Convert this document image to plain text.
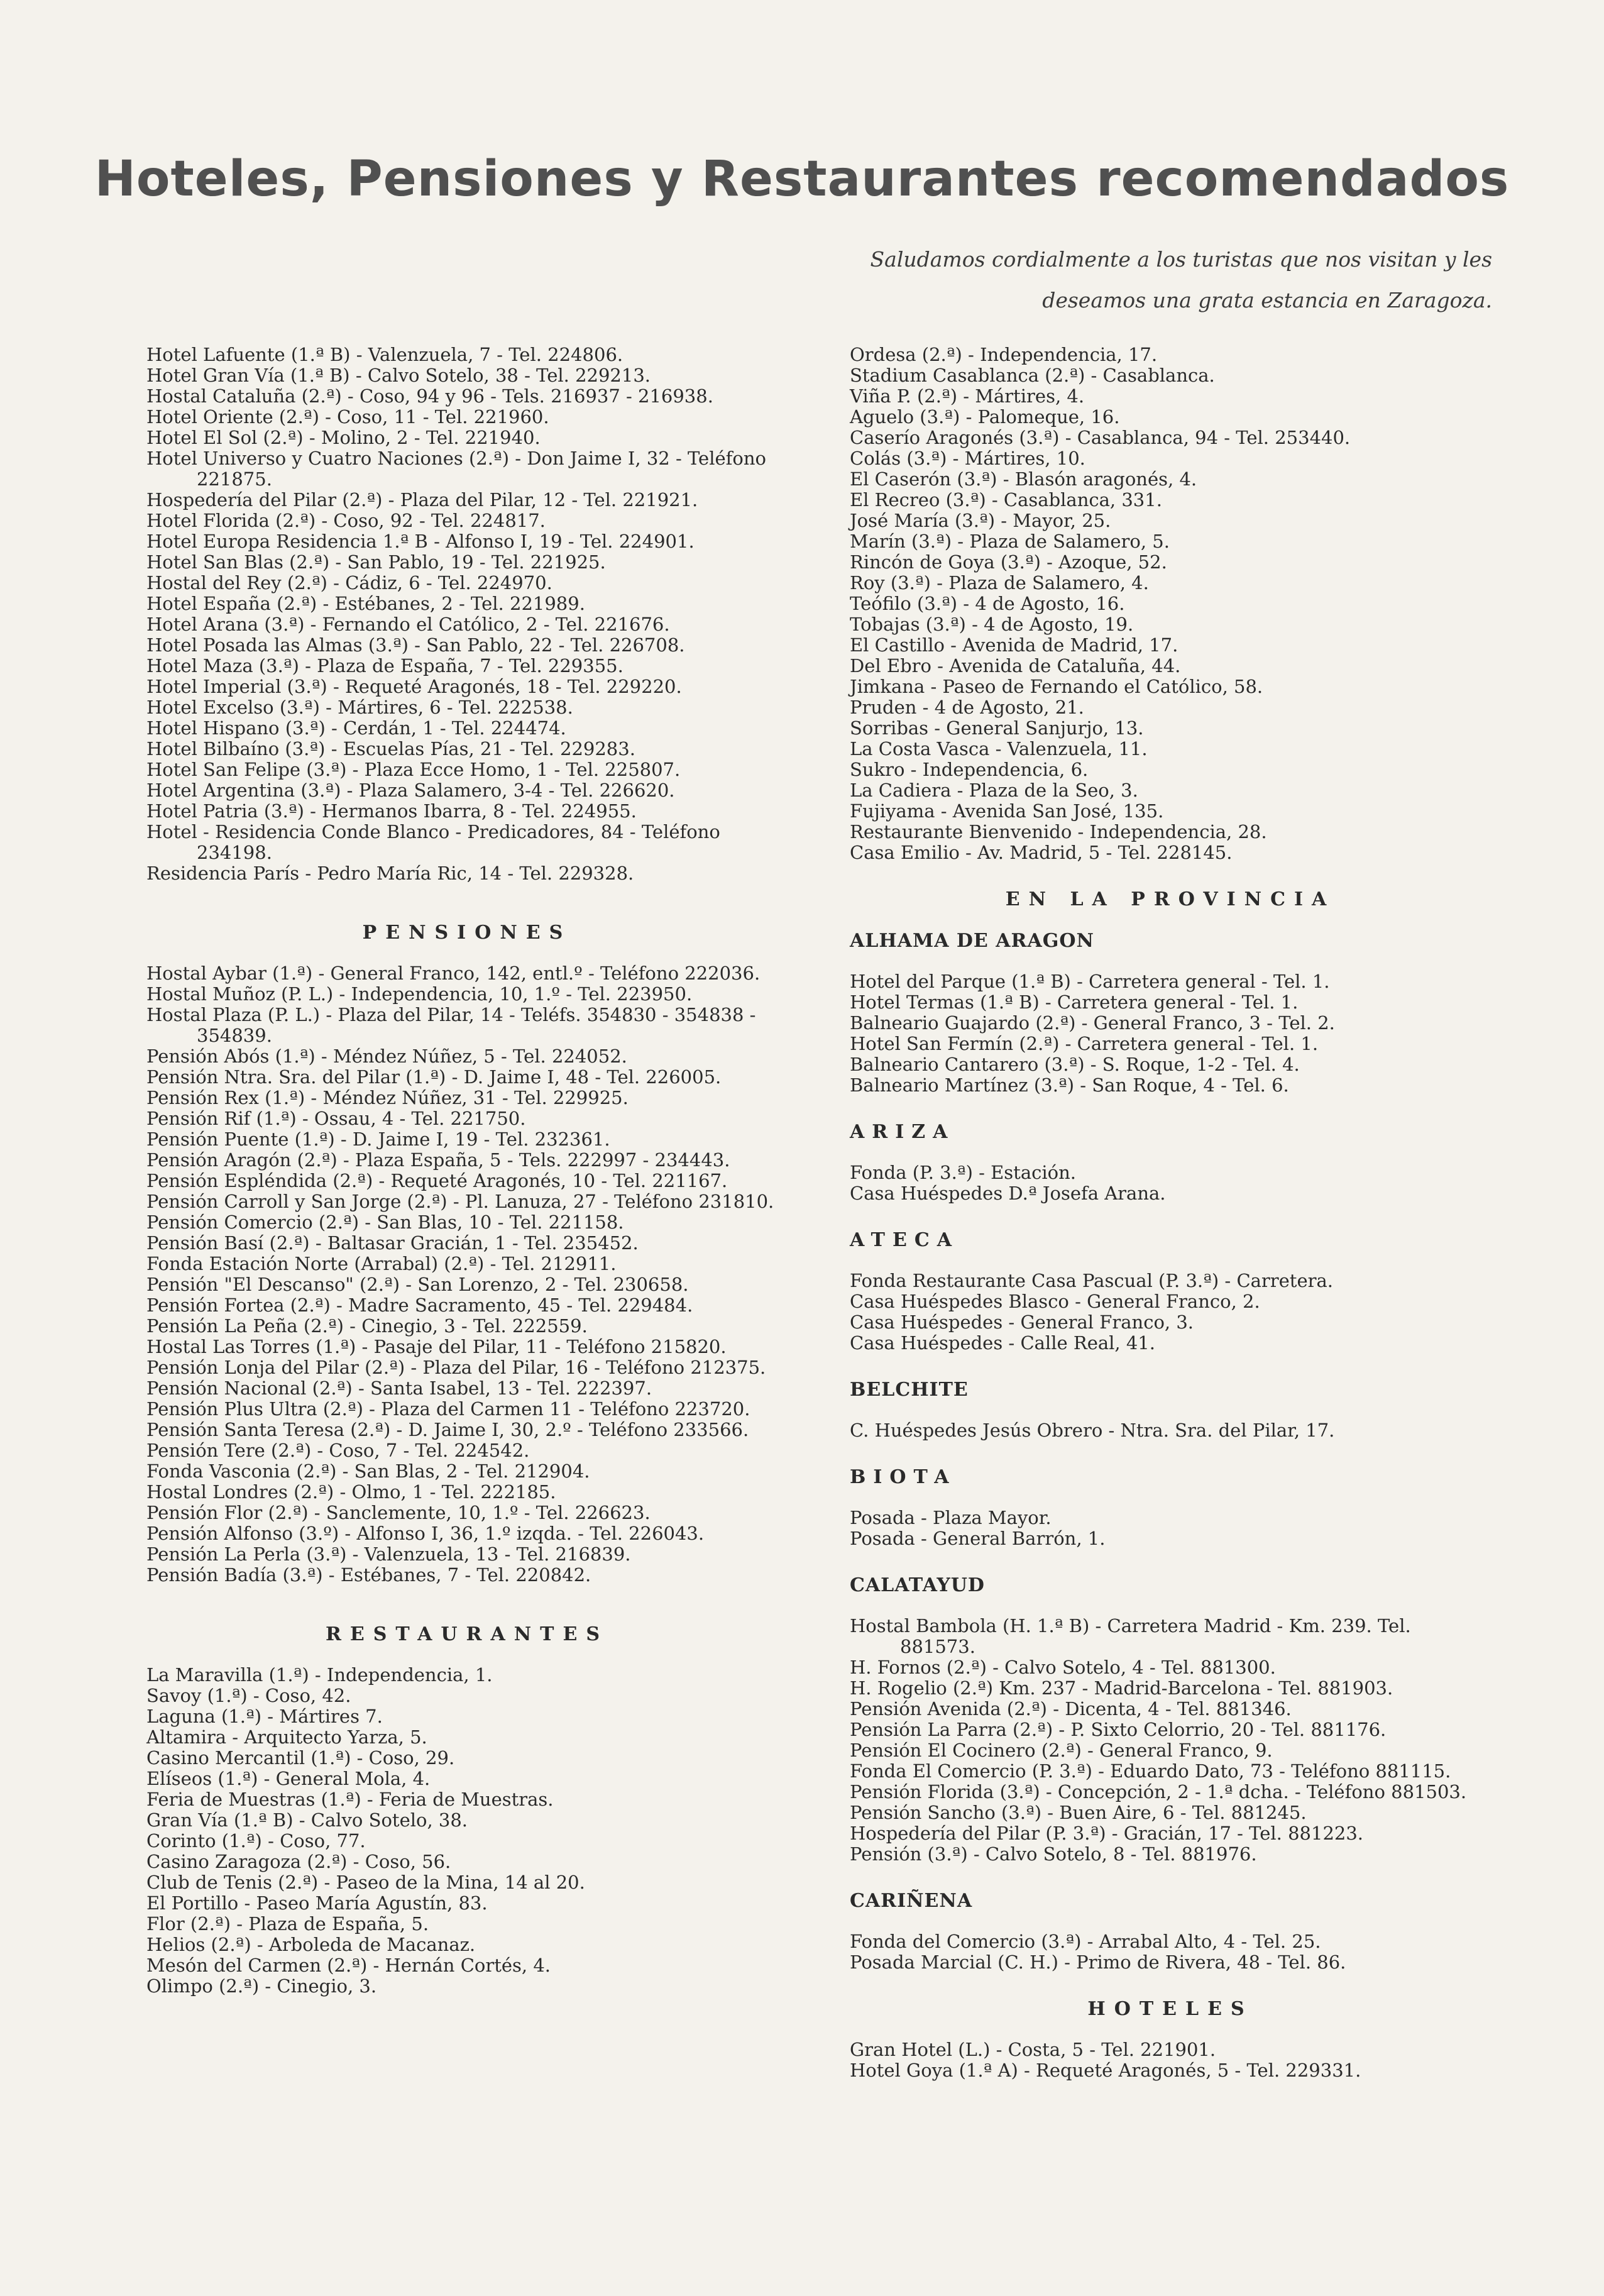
Hoteles, Pensiones y Restaurantes recomendados
Saludamos cordialmente a los turistas que nos visitan y les
deseamos una grata estancia en Zaragoza.
Hotel Lafuente (1.ª B) - Valenzuela, 7 - Tel. 224806.
Hotel Gran Vía (1.ª B) - Calvo Sotelo, 38 - Tel. 229213.
Hostal Cataluña (2.ª) - Coso, 94 y 96 - Tels. 216937 - 216938.
Hotel Oriente (2.ª) - Coso, 11 - Tel. 221960.
Hotel El Sol (2.ª) - Molino, 2 - Tel. 221940.
Hotel Universo y Cuatro Naciones (2.ª) - Don Jaime I, 32 - Teléfono 221875.
Hospedería del Pilar (2.ª) - Plaza del Pilar, 12 - Tel. 221921.
Hotel Florida (2.ª) - Coso, 92 - Tel. 224817.
Hotel Europa Residencia 1.ª B - Alfonso I, 19 - Tel. 224901.
Hotel San Blas (2.ª) - San Pablo, 19 - Tel. 221925.
Hostal del Rey (2.ª) - Cádiz, 6 - Tel. 224970.
Hotel España (2.ª) - Estébanes, 2 - Tel. 221989.
Hotel Arana (3.ª) - Fernando el Católico, 2 - Tel. 221676.
Hotel Posada las Almas (3.ª) - San Pablo, 22 - Tel. 226708.
Hotel Maza (3.ª) - Plaza de España, 7 - Tel. 229355.
Hotel Imperial (3.ª) - Requeté Aragonés, 18 - Tel. 229220.
Hotel Excelso (3.ª) - Mártires, 6 - Tel. 222538.
Hotel Hispano (3.ª) - Cerdán, 1 - Tel. 224474.
Hotel Bilbaíno (3.ª) - Escuelas Pías, 21 - Tel. 229283.
Hotel San Felipe (3.ª) - Plaza Ecce Homo, 1 - Tel. 225807.
Hotel Argentina (3.ª) - Plaza Salamero, 3-4 - Tel. 226620.
Hotel Patria (3.ª) - Hermanos Ibarra, 8 - Tel. 224955.
Hotel - Residencia Conde Blanco - Predicadores, 84 - Teléfono 234198.
Residencia París - Pedro María Ric, 14 - Tel. 229328.
PENSIONES
Hostal Aybar (1.ª) - General Franco, 142, entl.º - Teléfono 222036.
Hostal Muñoz (P. L.) - Independencia, 10, 1.º - Tel. 223950.
Hostal Plaza (P. L.) - Plaza del Pilar, 14 - Teléfs. 354830 - 354838 - 354839.
Pensión Abós (1.ª) - Méndez Núñez, 5 - Tel. 224052.
Pensión Ntra. Sra. del Pilar (1.ª) - D. Jaime I, 48 - Tel. 226005.
Pensión Rex (1.ª) - Méndez Núñez, 31 - Tel. 229925.
Pensión Rif (1.ª) - Ossau, 4 - Tel. 221750.
Pensión Puente (1.ª) - D. Jaime I, 19 - Tel. 232361.
Pensión Aragón (2.ª) - Plaza España, 5 - Tels. 222997 - 234443.
Pensión Espléndida (2.ª) - Requeté Aragonés, 10 - Tel. 221167.
Pensión Carroll y San Jorge (2.ª) - Pl. Lanuza, 27 - Teléfono 231810.
Pensión Comercio (2.ª) - San Blas, 10 - Tel. 221158.
Pensión Basí (2.ª) - Baltasar Gracián, 1 - Tel. 235452.
Fonda Estación Norte (Arrabal) (2.ª) - Tel. 212911.
Pensión "El Descanso" (2.ª) - San Lorenzo, 2 - Tel. 230658.
Pensión Fortea (2.ª) - Madre Sacramento, 45 - Tel. 229484.
Pensión La Peña (2.ª) - Cinegio, 3 - Tel. 222559.
Hostal Las Torres (1.ª) - Pasaje del Pilar, 11 - Teléfono 215820.
Pensión Lonja del Pilar (2.ª) - Plaza del Pilar, 16 - Teléfono 212375.
Pensión Nacional (2.ª) - Santa Isabel, 13 - Tel. 222397.
Pensión Plus Ultra (2.ª) - Plaza del Carmen 11 - Teléfono 223720.
Pensión Santa Teresa (2.ª) - D. Jaime I, 30, 2.º - Teléfono 233566.
Pensión Tere (2.ª) - Coso, 7 - Tel. 224542.
Fonda Vasconia (2.ª) - San Blas, 2 - Tel. 212904.
Hostal Londres (2.ª) - Olmo, 1 - Tel. 222185.
Pensión Flor (2.ª) - Sanclemente, 10, 1.º - Tel. 226623.
Pensión Alfonso (3.º) - Alfonso I, 36, 1.º izqda. - Tel. 226043.
Pensión La Perla (3.ª) - Valenzuela, 13 - Tel. 216839.
Pensión Badía (3.ª) - Estébanes, 7 - Tel. 220842.
RESTAURANTES
La Maravilla (1.ª) - Independencia, 1.
Savoy (1.ª) - Coso, 42.
Laguna (1.ª) - Mártires 7.
Altamira - Arquitecto Yarza, 5.
Casino Mercantil (1.ª) - Coso, 29.
Elíseos (1.ª) - General Mola, 4.
Feria de Muestras (1.ª) - Feria de Muestras.
Gran Vía (1.ª B) - Calvo Sotelo, 38.
Corinto (1.ª) - Coso, 77.
Casino Zaragoza (2.ª) - Coso, 56.
Club de Tenis (2.ª) - Paseo de la Mina, 14 al 20.
El Portillo - Paseo María Agustín, 83.
Flor (2.ª) - Plaza de España, 5.
Helios (2.ª) - Arboleda de Macanaz.
Mesón del Carmen (2.ª) - Hernán Cortés, 4.
Olimpo (2.ª) - Cinegio, 3.
Ordesa (2.ª) - Independencia, 17.
Stadium Casablanca (2.ª) - Casablanca.
Viña P. (2.ª) - Mártires, 4.
Aguelo (3.ª) - Palomeque, 16.
Caserío Aragonés (3.ª) - Casablanca, 94 - Tel. 253440.
Colás (3.ª) - Mártires, 10.
El Caserón (3.ª) - Blasón aragonés, 4.
El Recreo (3.ª) - Casablanca, 331.
José María (3.ª) - Mayor, 25.
Marín (3.ª) - Plaza de Salamero, 5.
Rincón de Goya (3.ª) - Azoque, 52.
Roy (3.ª) - Plaza de Salamero, 4.
Teófilo (3.ª) - 4 de Agosto, 16.
Tobajas (3.ª) - 4 de Agosto, 19.
El Castillo - Avenida de Madrid, 17.
Del Ebro - Avenida de Cataluña, 44.
Jimkana - Paseo de Fernando el Católico, 58.
Pruden - 4 de Agosto, 21.
Sorribas - General Sanjurjo, 13.
La Costa Vasca - Valenzuela, 11.
Sukro - Independencia, 6.
La Cadiera - Plaza de la Seo, 3.
Fujiyama - Avenida San José, 135.
Restaurante Bienvenido - Independencia, 28.
Casa Emilio - Av. Madrid, 5 - Tel. 228145.
EN LA PROVINCIA
ALHAMA DE ARAGON
Hotel del Parque (1.ª B) - Carretera general - Tel. 1.
Hotel Termas (1.ª B) - Carretera general - Tel. 1.
Balneario Guajardo (2.ª) - General Franco, 3 - Tel. 2.
Hotel San Fermín (2.ª) - Carretera general - Tel. 1.
Balneario Cantarero (3.ª) - S. Roque, 1-2 - Tel. 4.
Balneario Martínez (3.ª) - San Roque, 4 - Tel. 6.
ARIZA
Fonda (P. 3.ª) - Estación.
Casa Huéspedes D.ª Josefa Arana.
ATECA
Fonda Restaurante Casa Pascual (P. 3.ª) - Carretera.
Casa Huéspedes Blasco - General Franco, 2.
Casa Huéspedes - General Franco, 3.
Casa Huéspedes - Calle Real, 41.
BELCHITE
C. Huéspedes Jesús Obrero - Ntra. Sra. del Pilar, 17.
BIOTA
Posada - Plaza Mayor.
Posada - General Barrón, 1.
CALATAYUD
Hostal Bambola (H. 1.ª B) - Carretera Madrid - Km. 239. Tel. 881573.
H. Fornos (2.ª) - Calvo Sotelo, 4 - Tel. 881300.
H. Rogelio (2.ª) Km. 237 - Madrid-Barcelona - Tel. 881903.
Pensión Avenida (2.ª) - Dicenta, 4 - Tel. 881346.
Pensión La Parra (2.ª) - P. Sixto Celorrio, 20 - Tel. 881176.
Pensión El Cocinero (2.ª) - General Franco, 9.
Fonda El Comercio (P. 3.ª) - Eduardo Dato, 73 - Teléfono 881115.
Pensión Florida (3.ª) - Concepción, 2 - 1.ª dcha. - Teléfono 881503.
Pensión Sancho (3.ª) - Buen Aire, 6 - Tel. 881245.
Hospedería del Pilar (P. 3.ª) - Gracián, 17 - Tel. 881223.
Pensión (3.ª) - Calvo Sotelo, 8 - Tel. 881976.
CARIÑENA
Fonda del Comercio (3.ª) - Arrabal Alto, 4 - Tel. 25.
Posada Marcial (C. H.) - Primo de Rivera, 48 - Tel. 86.
HOTELES
Gran Hotel (L.) - Costa, 5 - Tel. 221901.
Hotel Goya (1.ª A) - Requeté Aragonés, 5 - Tel. 229331.
